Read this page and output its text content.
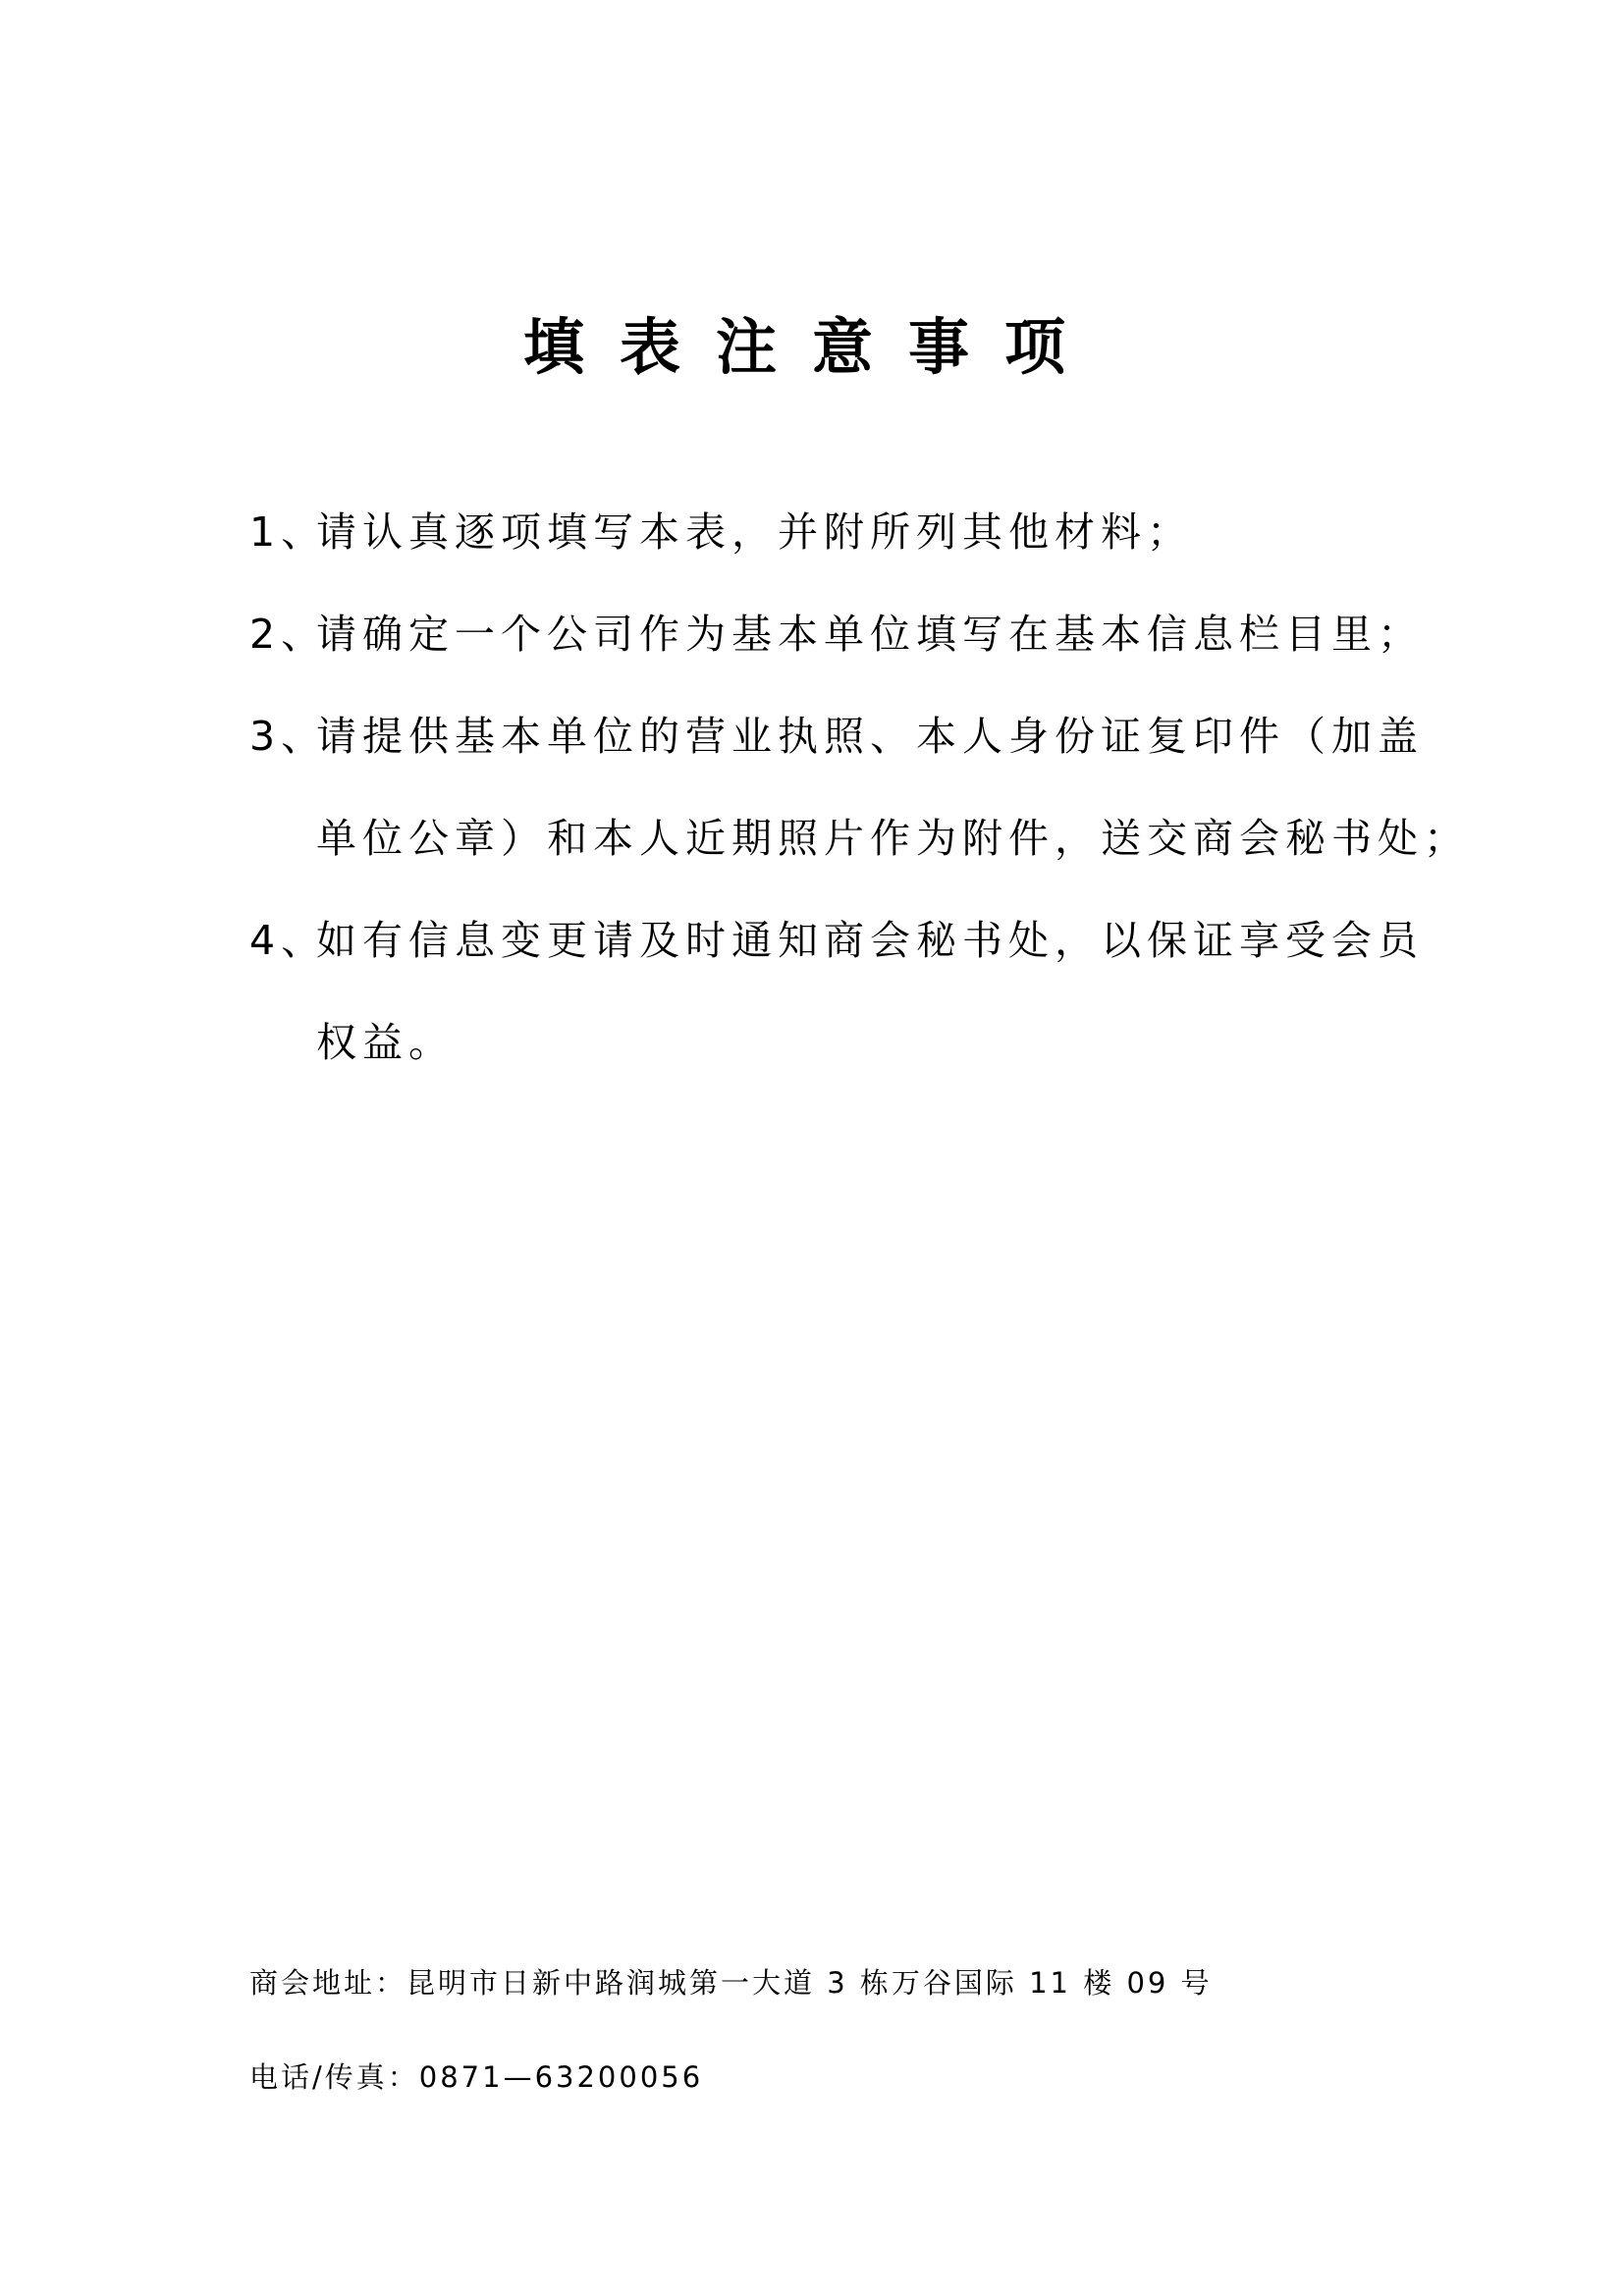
填表注意事项
1、请认真逐项填写本表，并附所列其他材料；
2、请确定一个公司作为基本单位填写在基本信息栏目里；
3、请提供基本单位的营业执照、本人身份证复印件（加盖
单位公章）和本人近期照片作为附件，送交商会秘书处；
4、如有信息变更请及时通知商会秘书处，以保证享受会员
权益。
商会地址：昆明市日新中路润城第一大道 3 栋万谷国际 11 楼 09 号
电话/传真：0871—63200056
